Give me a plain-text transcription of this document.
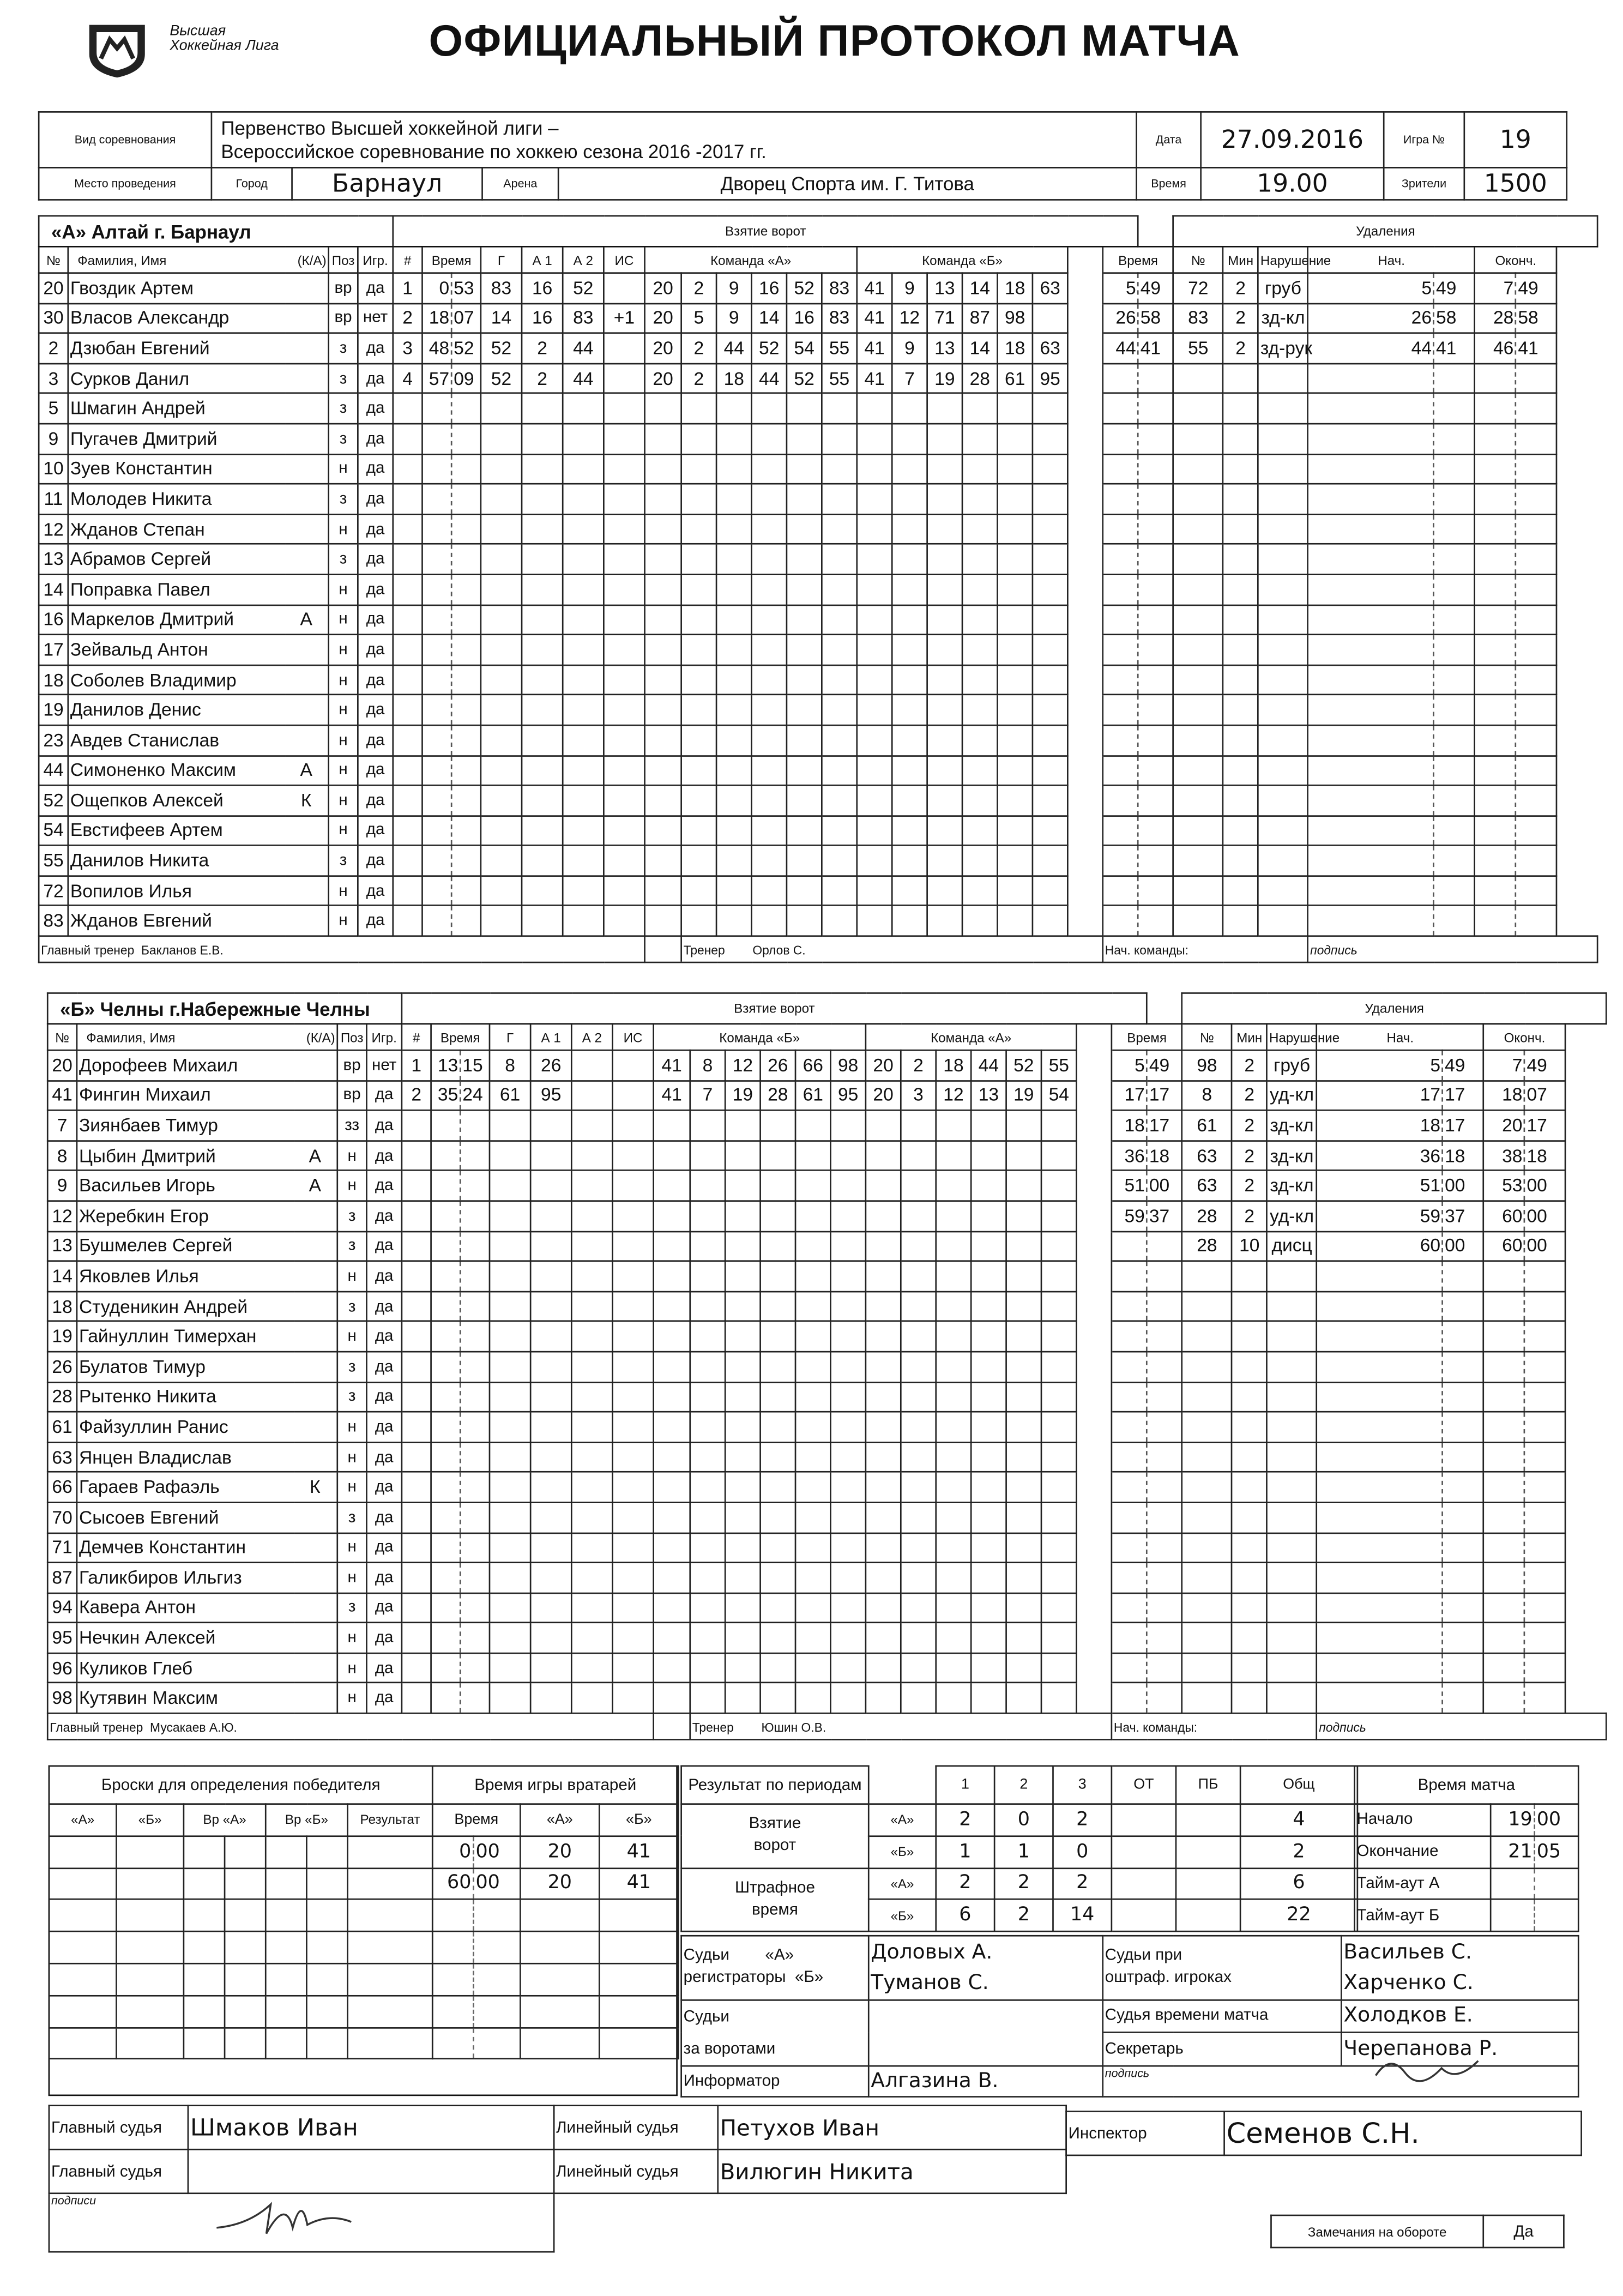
Высшая Хоккейная Лига	ОФИЦИАЛЬНЫЙ ПРОТОКОЛ МАТЧА
Вид соревнования	
Первенство Высшей хоккейной лиги –
Всероссийское соревнование по хоккею сезона 2016 -2017 гг.	Дата	27.09.2016	Игра №	19
Место проведения	Город	Барнаул	Арена	Дворец Спорта им. Г. Титова	Время	19.00	Зрители	1500
«А» Алтай г. Барнаул					Взятие ворот																						Удаления						
№	Фамилия, Имя (К/А)		Поз	Игр.	#	Время		Г	А 1	А 2	ИС	Команда «А»						Команда «Б»							Время		№	Мин	Нарушение	Нач.		Оконч.	
20	Гвоздик Артем		вр	да	1	0	53	83	16	52		20	2	9	16	52	83	41	9	13	14	18	63		5	49	72	2	груб	5	49	7	49
30	Власов Александр		вр	нет	2	18	07	14	16	83	+1	20	5	9	14	16	83	41	12	71	87	98			26	58	83	2	зд-кл	26	58	28	58
2	Дзюбан Евгений		з	да	3	48	52	52	2	44		20	2	44	52	54	55	41	9	13	14	18	63		44	41	55	2	зд-рук	44	41	46	41
3	Сурков Данил		з	да	4	57	09	52	2	44		20	2	18	44	52	55	41	7	19	28	61	95										
5	Шмагин Андрей		з	да																													
9	Пугачев Дмитрий		з	да																													
10	Зуев Константин		н	да																													
11	Молодев Никита		з	да																													
12	Жданов Степан		н	да																													
13	Абрамов Сергей		з	да																													
14	Поправка Павел		н	да																													
16	Маркелов Дмитрий	А	н	да																													
17	Зейвальд Антон		н	да																													
18	Соболев Владимир		н	да																													
19	Данилов Денис		н	да																													
23	Авдев Станислав		н	да																													
44	Симоненко Максим	А	н	да																													
52	Ощепков Алексей	К	н	да																													
54	Евстифеев Артем		н	да																													
55	Данилов Никита		з	да																													
72	Вопилов Илья		н	да																													
83	Жданов Евгений		н	да																													
Главный тренер  Бакланов Е.В.													Тренер        Орлов С.												Нач. команды:					подпись			
«Б» Челны г.Набережные Челны					Взятие ворот																						Удаления						
№	Фамилия, Имя (К/А)		Поз	Игр.	#	Время		Г	А 1	А 2	ИС	Команда «Б»						Команда «А»							Время		№	Мин	Нарушение	Нач.		Оконч.	
20	Дорофеев Михаил		вр	нет	1	13	15	8	26			41	8	12	26	66	98	20	2	18	44	52	55		5	49	98	2	груб	5	49	7	49
41	Фингин Михаил		вр	да	2	35	24	61	95			41	7	19	28	61	95	20	3	12	13	19	54		17	17	8	2	уд-кл	17	17	18	07
7	Зиянбаев Тимур		зз	да																					18	17	61	2	зд-кл	18	17	20	17
8	Цыбин Дмитрий	А	н	да																					36	18	63	2	зд-кл	36	18	38	18
9	Васильев Игорь	А	н	да																					51	00	63	2	зд-кл	51	00	53	00
12	Жеребкин Егор		з	да																					59	37	28	2	уд-кл	59	37	60	00
13	Бушмелев Сергей		з	да																							28	10	дисц	60	00	60	00
14	Яковлев Илья		н	да																													
18	Студеникин Андрей		з	да																													
19	Гайнуллин Тимерхан		н	да																													
26	Булатов Тимур		з	да																													
28	Рытенко Никита		з	да																													
61	Файзуллин Ранис		н	да																													
63	Янцен Владислав		н	да																													
66	Гараев Рафаэль	К	н	да																													
70	Сысоев Евгений		з	да																													
71	Демчев Константин		н	да																													
87	Галикбиров Ильгиз		н	да																													
94	Кавера Антон		з	да																													
95	Нечкин Алексей		н	да																													
96	Куликов Глеб		н	да																													
98	Кутявин Максим		н	да																													
Главный тренер  Мусакаев А.Ю.													Тренер        Юшин О.В.												Нач. команды:					подпись			
Броски для определения победителя						
«А»	«Б»	Вр «А»		Вр «Б»		Результат

Время игры вратарей			
Время		«А»	«Б»
0	00	20	41
60	00	20	41

Результат по периодам		1	2	3	ОТ	ПБ	Общ
Взятие
ворот	«А»	2	0	2			4
	«Б»	1	1	0			2
Штрафное
время	«А»	2	2	2			6
	«Б»	6	2	14			22
Время матча		
Начало	19	00
Окончание	21	05
Тайм-аут А		
Тайм-аут Б		
Судьи «А»
регистраторы «Б»	Доловых А.	Судьи при
оштраф. игроках	Васильев С.
	Туманов С.		Харченко С.
Судьи
за воротами		Судья времени матча	Холодков Е.
		Секретарь	Черепанова Р.
Информатор	Алгазина В.	подпись	
Главный судья	Шмаков Иван
Главный судья	
подписи	
Линейный судья	Петухов Иван
Линейный судья	Вилюгин Никита
Инспектор	Семенов С.Н.
Замечания на обороте	Да
